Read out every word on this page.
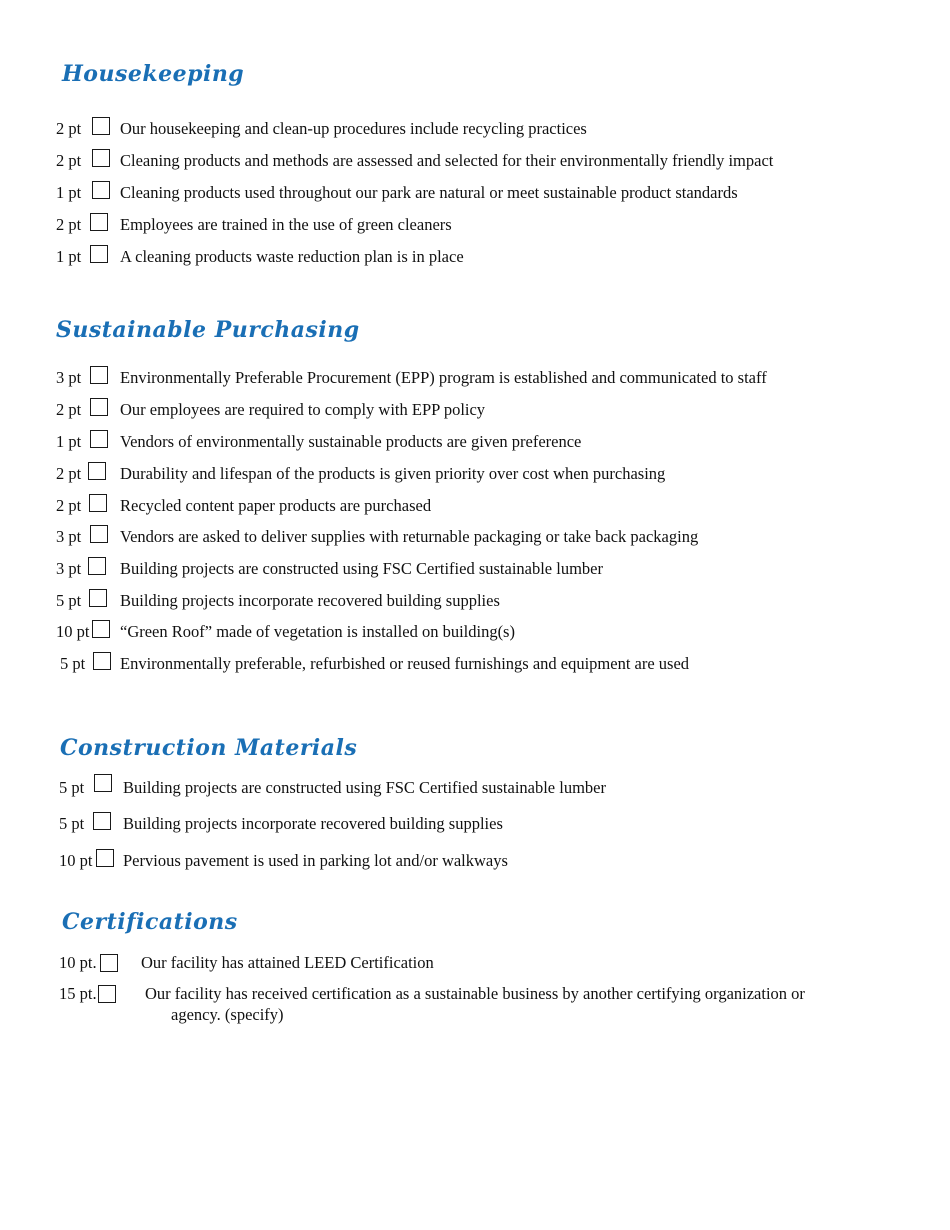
Housekeeping
2 pt Our housekeeping and clean-up procedures include recycling practices
2 pt Cleaning products and methods are assessed and selected for their environmentally friendly impact
1 pt Cleaning products used throughout our park are natural or meet sustainable product standards
2 pt Employees are trained in the use of green cleaners
1 pt A cleaning products waste reduction plan is in place
Sustainable Purchasing
3 pt Environmentally Preferable Procurement (EPP) program is established and communicated to staff
2 pt Our employees are required to comply with EPP policy
1 pt Vendors of environmentally sustainable products are given preference
2 pt Durability and lifespan of the products is given priority over cost when purchasing
2 pt Recycled content paper products are purchased
3 pt Vendors are asked to deliver supplies with returnable packaging or take back packaging
3 pt Building projects are constructed using FSC Certified sustainable lumber
5 pt Building projects incorporate recovered building supplies
10 pt “Green Roof” made of vegetation is installed on building(s)
5 pt Environmentally preferable, refurbished or reused furnishings and equipment are used
Construction Materials
5 pt Building projects are constructed using FSC Certified sustainable lumber
5 pt Building projects incorporate recovered building supplies
10 pt Pervious pavement is used in parking lot and/or walkways
Certifications
10 pt.	Our facility has attained LEED Certification
15 pt.	Our facility has received certification as a sustainable business by another certifying organization or
agency. (specify)
